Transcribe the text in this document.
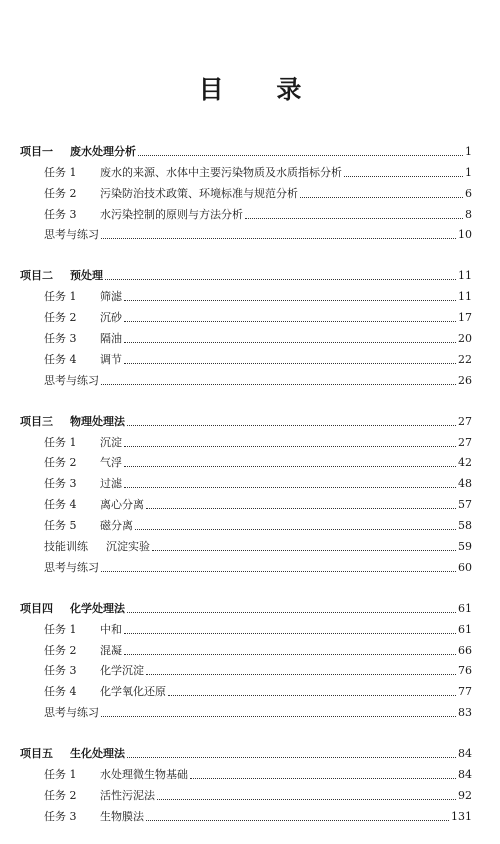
目 录
项目一	废水处理分析	1
任务 1	废水的来源、水体中主要污染物质及水质指标分析	1
任务 2	污染防治技术政策、环境标准与规范分析	6
任务 3	水污染控制的原则与方法分析	8
思考与练习	10
项目二	预处理	11
任务 1	筛滤	11
任务 2	沉砂	17
任务 3	隔油	20
任务 4	调节	22
思考与练习	26
项目三	物理处理法	27
任务 1	沉淀	27
任务 2	气浮	42
任务 3	过滤	48
任务 4	离心分离	57
任务 5	磁分离	58
技能训练	沉淀实验	59
思考与练习	60
项目四	化学处理法	61
任务 1	中和	61
任务 2	混凝	66
任务 3	化学沉淀	76
任务 4	化学氧化还原	77
思考与练习	83
项目五	生化处理法	84
任务 1	水处理微生物基础	84
任务 2	活性污泥法	92
任务 3	生物膜法	131
